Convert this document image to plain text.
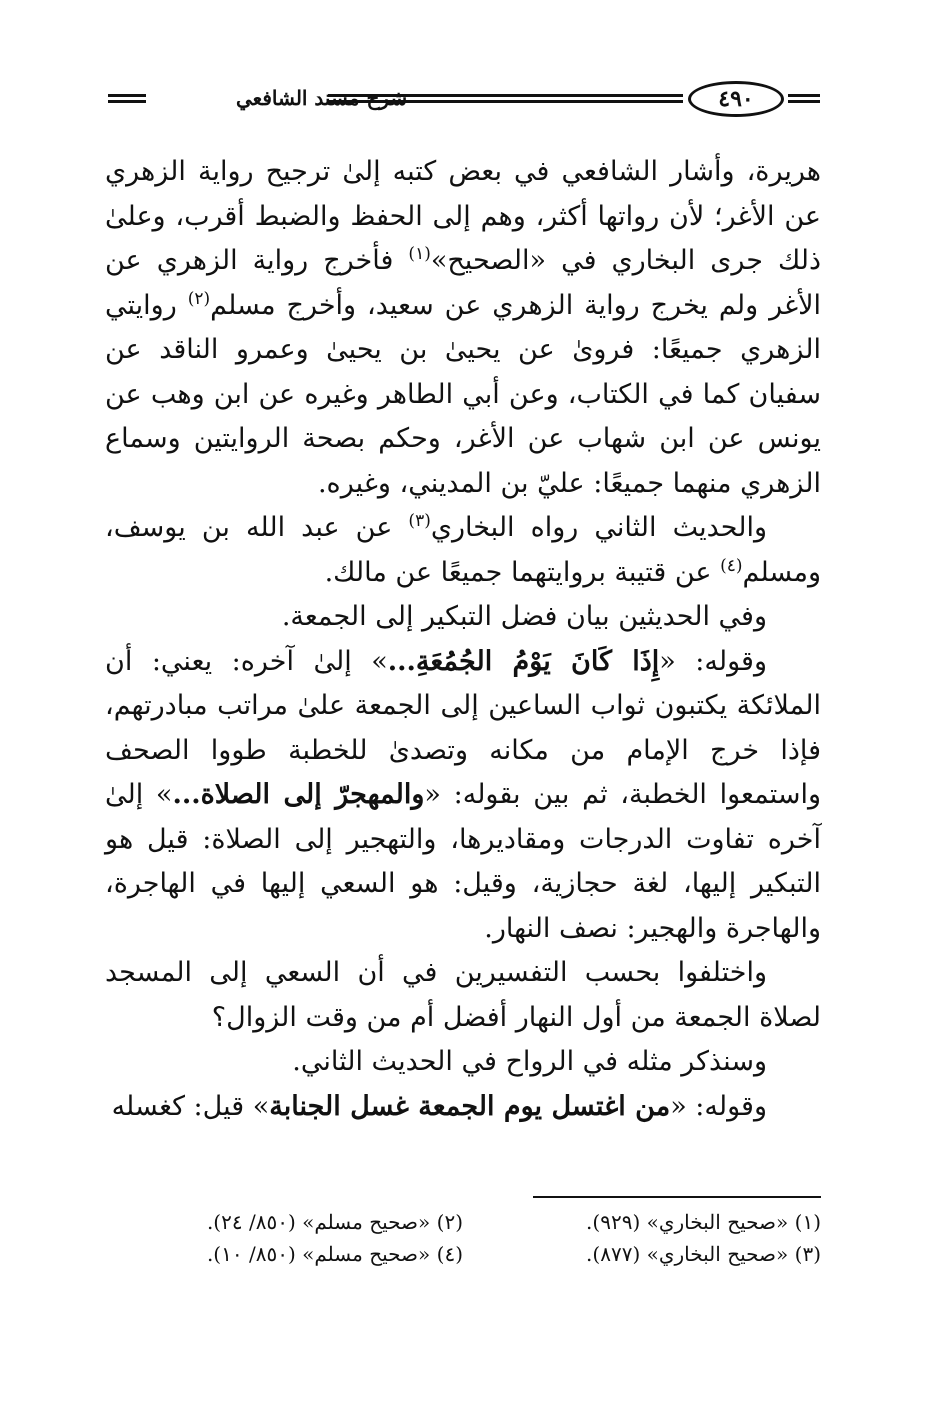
شرح مسند الشافعي	٤٩٠

هريرة، وأشار الشافعي في بعض كتبه إلىٰ ترجيح رواية الزهري عن الأغر؛ لأن رواتها أكثر، وهم إلى الحفظ والضبط أقرب، وعلىٰ ذلك جرى البخاري في «الصحيح»$^{(١)}$ فأخرج رواية الزهري عن الأغر ولم يخرج رواية الزهري عن سعيد، وأخرج مسلم$^{(٢)}$ روايتي الزهري جميعًا: فروىٰ عن يحيىٰ بن يحيىٰ وعمرو الناقد عن سفيان كما في الكتاب، وعن أبي الطاهر وغيره عن ابن وهب عن يونس عن ابن شهاب عن الأغر، وحكم بصحة الروايتين وسماع الزهري منهما جميعًا: عليّ بن المديني، وغيره.

والحديث الثاني رواه البخاري$^{(٣)}$ عن عبد الله بن يوسف، ومسلم$^{(٤)}$ عن قتيبة بروايتهما جميعًا عن مالك.

وفي الحديثين بيان فضل التبكير إلى الجمعة.

وقوله: «إِذَا كَانَ يَوْمُ الجُمُعَةِ...» إلىٰ آخره: يعني: أن الملائكة يكتبون ثواب الساعين إلى الجمعة علىٰ مراتب مبادرتهم، فإذا خرج الإمام من مكانه وتصدىٰ للخطبة طووا الصحف واستمعوا الخطبة، ثم بين بقوله: «والمهجرّ إلى الصلاة...» إلىٰ آخره تفاوت الدرجات ومقاديرها، والتهجير إلى الصلاة: قيل هو التبكير إليها، لغة حجازية، وقيل: هو السعي إليها في الهاجرة، والهاجرة والهجير: نصف النهار.

واختلفوا بحسب التفسيرين في أن السعي إلى المسجد لصلاة الجمعة من أول النهار أفضل أم من وقت الزوال؟

وسنذكر مثله في الرواح في الحديث الثاني.

وقوله: «من اغتسل يوم الجمعة غسل الجنابة» قيل: كغسله

(١) «صحيح البخاري» (٩٢٩).
(٢) «صحيح مسلم» (٨٥٠/ ٢٤).
(٣) «صحيح البخاري» (٨٧٧).
(٤) «صحيح مسلم» (٨٥٠/ ١٠).
